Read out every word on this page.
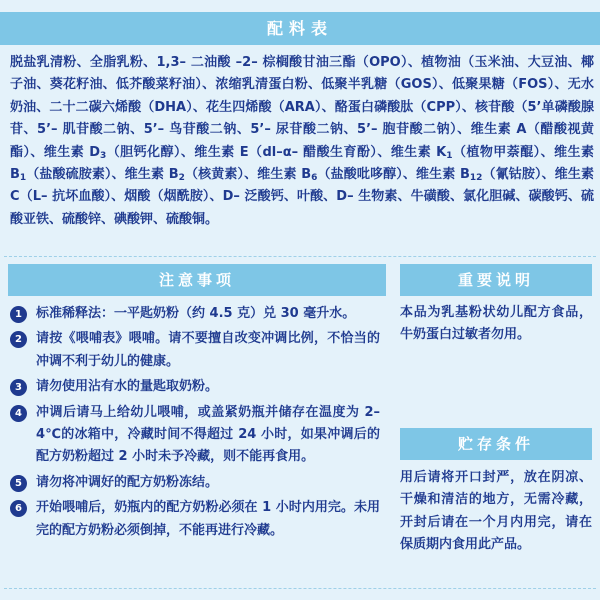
配料表

脱盐乳清粉、全脂乳粉、1,3– 二油酸 –2– 棕榈酸甘油三酯（OPO）、植物油（玉米油、大豆油、椰子油、葵花籽油、低芥酸菜籽油）、浓缩乳清蛋白粉、低聚半乳糖（GOS）、低聚果糖（FOS）、无水奶油、二十二碳六烯酸（DHA）、花生四烯酸（ARA）、酪蛋白磷酸肽（CPP）、核苷酸（5’单磷酸腺苷、5’– 肌苷酸二钠、5’– 鸟苷酸二钠、5’– 尿苷酸二钠、5’– 胞苷酸二钠）、维生素 A（醋酸视黄酯）、维生素 $D_3$（胆钙化醇）、维生素 E（dl–α– 醋酸生育酚）、维生素 $K_1$（植物甲萘醌）、维生素 $B_1$（盐酸硫胺素）、维生素 $B_2$（核黄素）、维生素 $B_6$（盐酸吡哆醇）、维生素 $B_{12}$（氰钴胺）、维生素 C（L– 抗坏血酸）、烟酸（烟酰胺）、D– 泛酸钙、叶酸、D– 生物素、牛磺酸、氯化胆碱、碳酸钙、硫酸亚铁、硫酸锌、碘酸钾、硫酸铜。

注意事项
1	标准稀释法：一平匙奶粉（约 4.5 克）兑 30 毫升水。
2	请按《喂哺表》喂哺。请不要擅自改变冲调比例，不恰当的冲调不利于幼儿的健康。
3	请勿使用沾有水的量匙取奶粉。
4	冲调后请马上给幼儿喂哺，或盖紧奶瓶并储存在温度为 2–4℃的冰箱中，冷藏时间不得超过 24 小时，如果冲调后的配方奶粉超过 2 小时未予冷藏，则不能再食用。
5	请勿将冲调好的配方奶粉冻结。
6	开始喂哺后，奶瓶内的配方奶粉必须在 1 小时内用完。未用完的配方奶粉必须倒掉，不能再进行冷藏。
重要说明

本品为乳基粉状幼儿配方食品，牛奶蛋白过敏者勿用。

贮存条件

用后请将开口封严，放在阴凉、干燥和清洁的地方，无需冷藏，开封后请在一个月内用完，请在保质期内食用此产品。
